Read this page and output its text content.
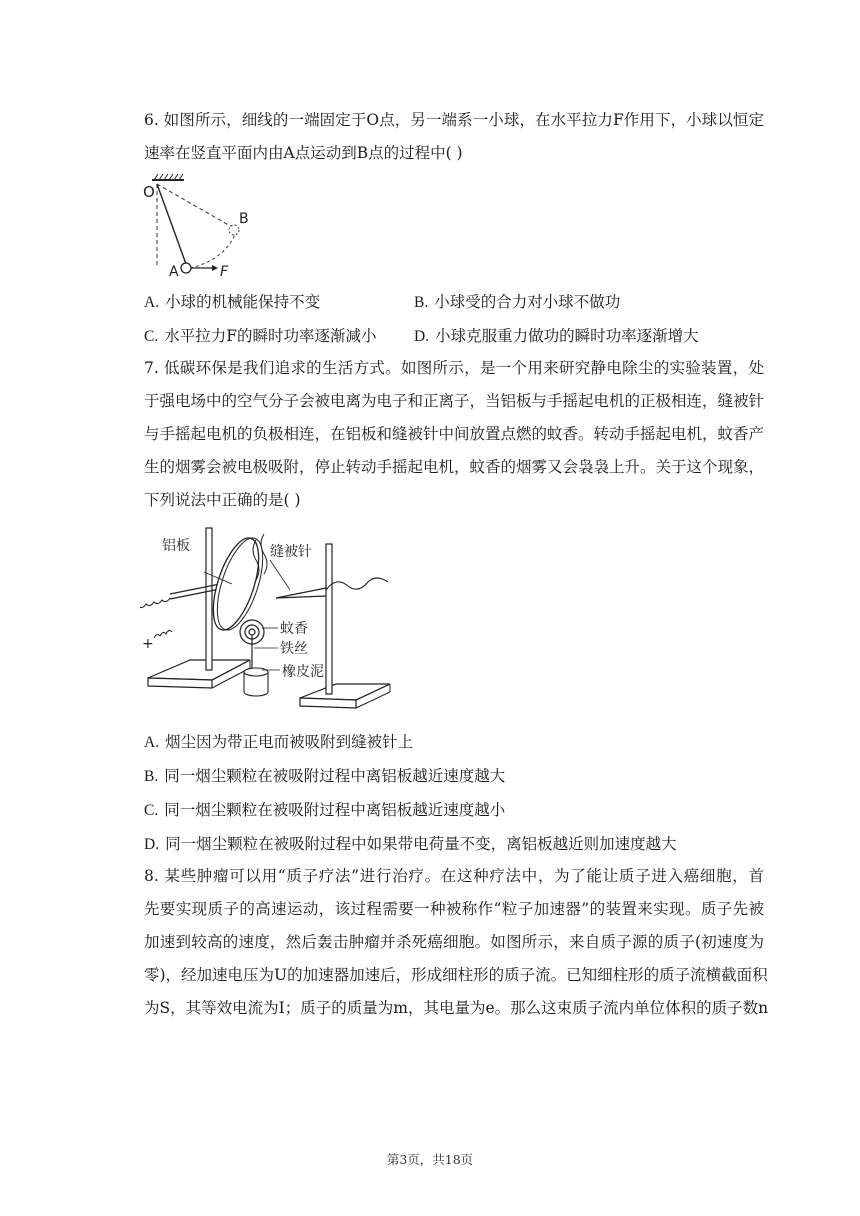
6. 如图所示，细线的一端固定于O点，另一端系一小球，在水平拉力F作用下，小球以恒定
速率在竖直平面内由A点运动到B点的过程中( )
O
A
B
F
A. 小球的机械能保持不变	B. 小球受的合力对小球不做功
C. 水平拉力F的瞬时功率逐渐减小 D. 小球克服重力做功的瞬时功率逐渐增大
7. 低碳环保是我们追求的生活方式。如图所示，是一个用来研究静电除尘的实验装置，处
于强电场中的空气分子会被电离为电子和正离子，当铝板与手摇起电机的正极相连，缝被针
与手摇起电机的负极相连，在铝板和缝被针中间放置点燃的蚊香。转动手摇起电机，蚊香产
生的烟雾会被电极吸附，停止转动手摇起电机，蚊香的烟雾又会袅袅上升。关于这个现象，
下列说法中正确的是( )
+
铝板	缝被针
蚊香
铁丝
橡皮泥
A. 烟尘因为带正电而被吸附到缝被针上
B. 同一烟尘颗粒在被吸附过程中离铝板越近速度越大
C. 同一烟尘颗粒在被吸附过程中离铝板越近速度越小
D. 同一烟尘颗粒在被吸附过程中如果带电荷量不变，离铝板越近则加速度越大
8. 某些肿瘤可以用“质子疗法”进行治疗。在这种疗法中，为了能让质子进入癌细胞，首
先要实现质子的高速运动，该过程需要一种被称作“粒子加速器”的装置来实现。质子先被
加速到较高的速度，然后轰击肿瘤并杀死癌细胞。如图所示，来自质子源的质子(初速度为
零)，经加速电压为U的加速器加速后，形成细柱形的质子流。已知细柱形的质子流横截面积
为S，其等效电流为I；质子的质量为m，其电量为e。那么这束质子流内单位体积的质子数n
第3页，共18页
